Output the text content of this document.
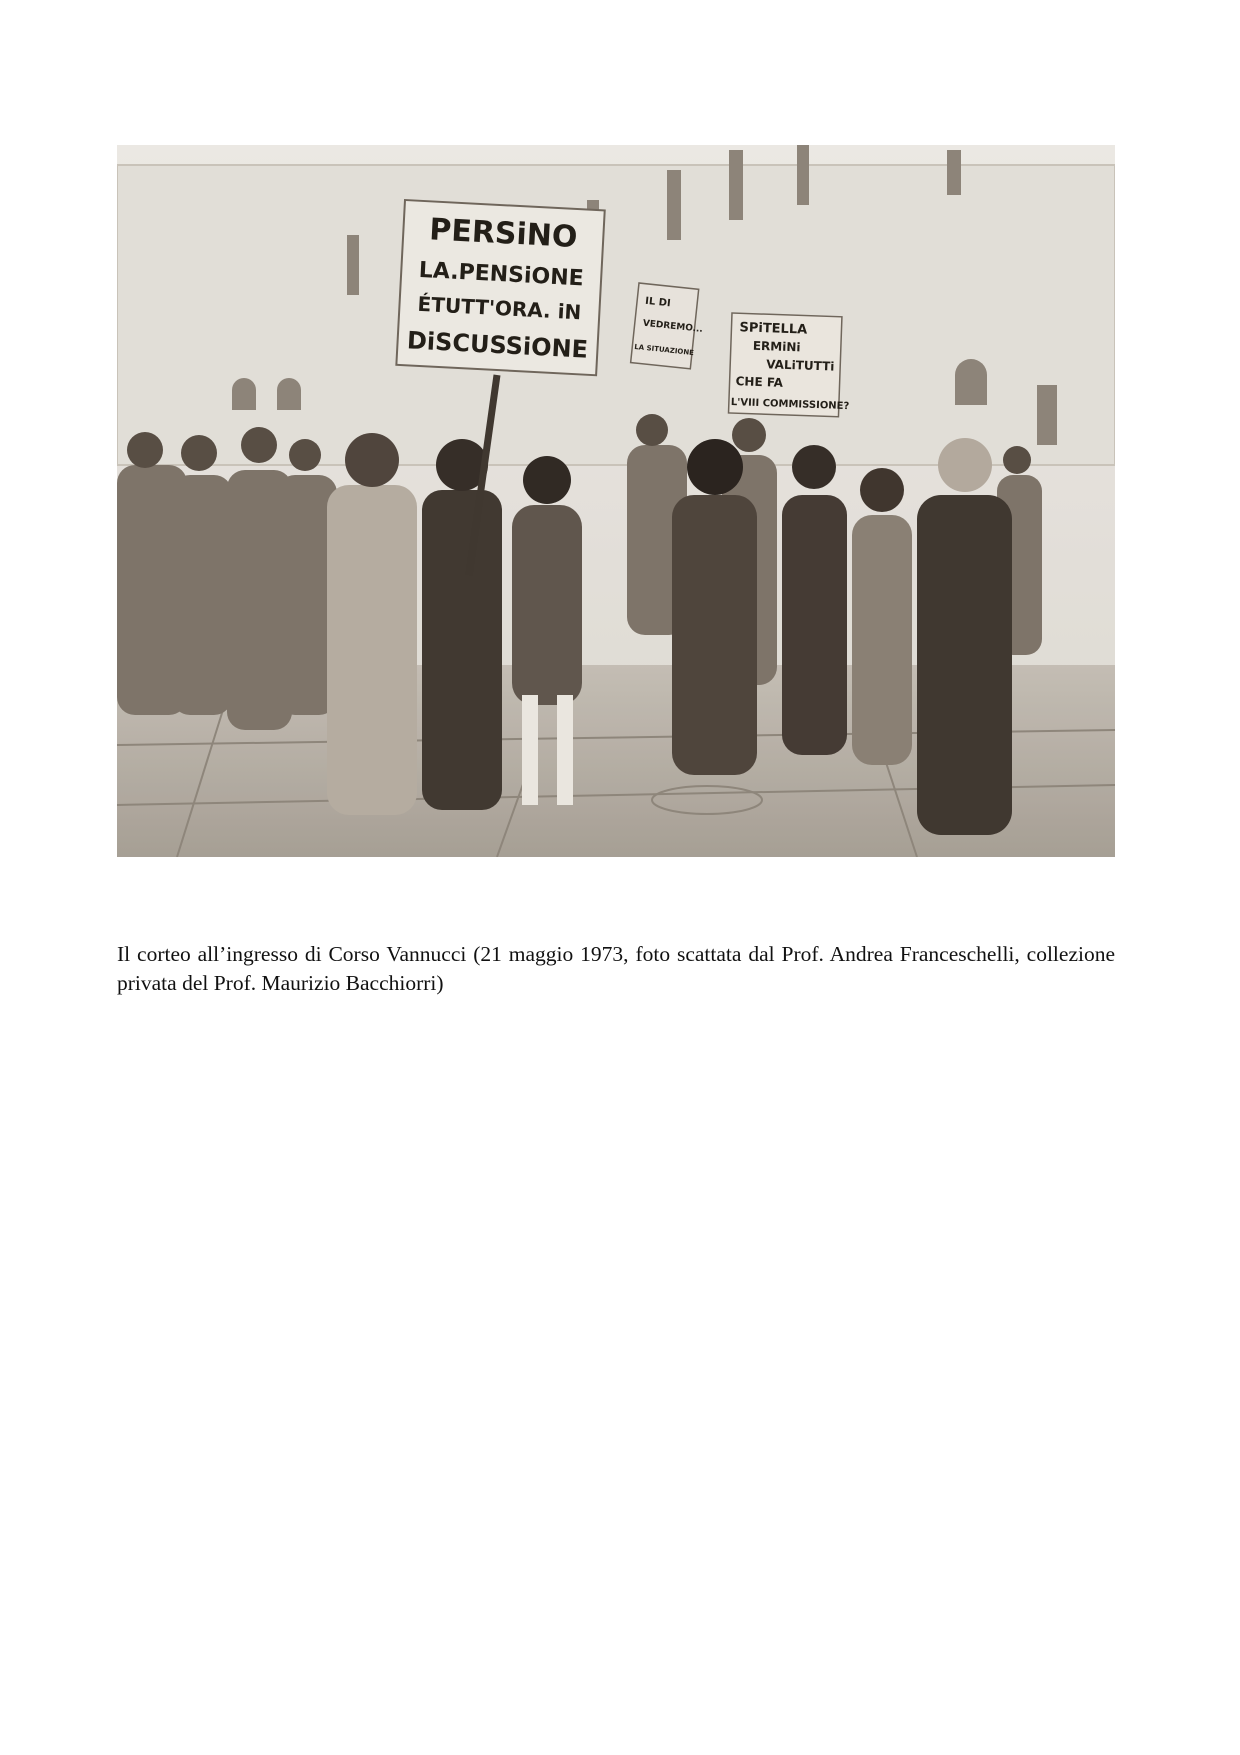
PERSiNO
LA.PENSiONE
ÉTUTT'ORA. iN
DiSCUSSiONE
IL DI
VEDREMO...
LA SITUAZIONE
SPiTELLA
ERMiNi
VALiTUTTi
CHE FA
L'VIII COMMISSIONE?
Il corteo all’ingresso di Corso Vannucci (21 maggio 1973, foto scattata dal Prof. Andrea Franceschelli, collezione privata del Prof. Maurizio Bacchiorri)
